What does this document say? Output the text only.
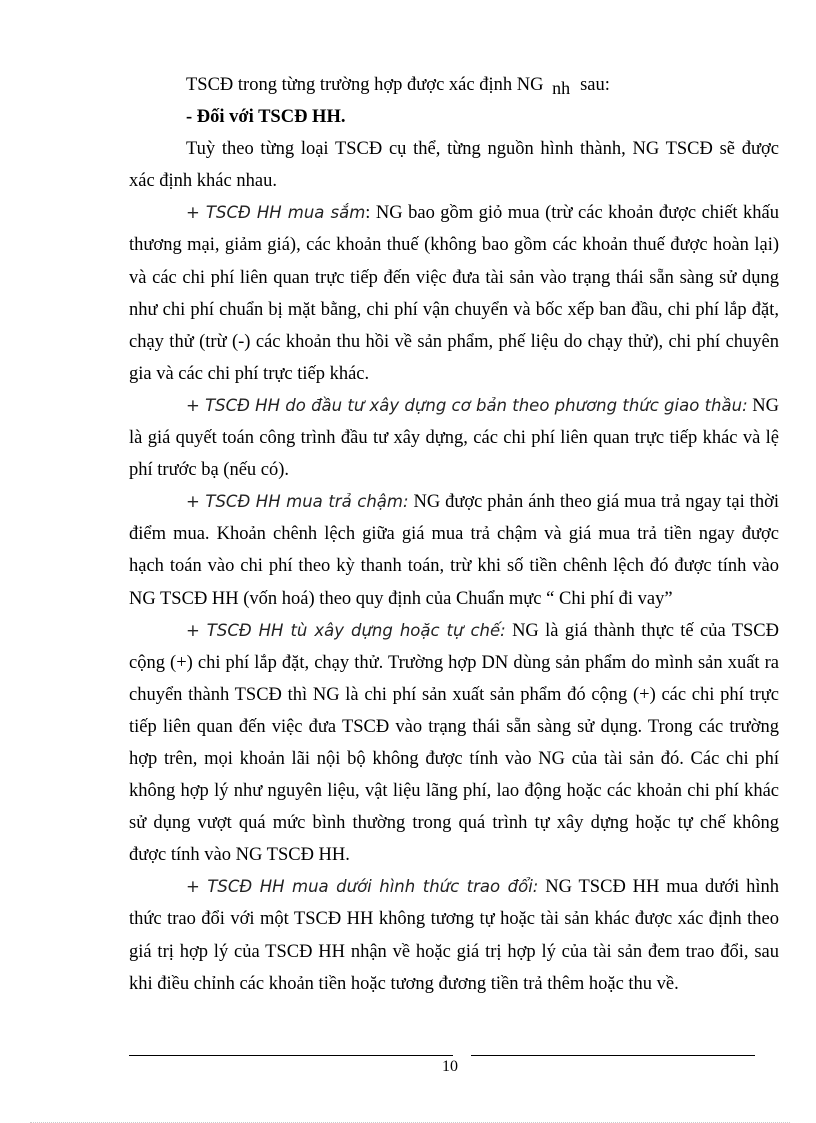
TSCĐ trong từng trường hợp được xác định NG nh sau:

- Đối với TSCĐ HH.

Tuỳ theo từng loại TSCĐ cụ thể, từng nguồn hình thành, NG TSCĐ sẽ được xác định khác nhau.

+ TSCĐ HH mua sắm: NG bao gồm giỏ mua (trừ các khoản được chiết khấu thương mại, giảm giá), các khoản thuế (không bao gồm các khoản thuế được hoàn lại) và các chi phí liên quan trực tiếp đến việc đưa tài sản vào trạng thái sẵn sàng sử dụng như chi phí chuẩn bị mặt bằng, chi phí vận chuyển và bốc xếp ban đầu, chi phí lắp đặt, chạy thử (trừ (-) các khoản thu hồi về sản phẩm, phế liệu do chạy thử), chi phí chuyên gia và các chi phí trực tiếp khác.

+ TSCĐ HH do đầu tư xây dựng cơ bản theo phương thức giao thầu: NG là giá quyết toán công trình đầu tư xây dựng, các chi phí liên quan trực tiếp khác và lệ phí trước bạ (nếu có).

+ TSCĐ HH mua trả chậm: NG được phản ánh theo giá mua trả ngay tại thời điểm mua. Khoản chênh lệch giữa giá mua trả chậm và giá mua trả tiền ngay được hạch toán vào chi phí theo kỳ thanh toán, trừ khi số tiền chênh lệch đó được tính vào NG TSCĐ HH (vốn hoá) theo quy định của Chuẩn mực “ Chi phí đi vay”

+ TSCĐ HH tù xây dựng hoặc tự chế: NG là giá thành thực tế của TSCĐ cộng (+) chi phí lắp đặt, chạy thử. Trường hợp DN dùng sản phẩm do mình sản xuất ra chuyển thành TSCĐ thì NG là chi phí sản xuất sản phẩm đó cộng (+) các chi phí trực tiếp liên quan đến việc đưa TSCĐ vào trạng thái sẵn sàng sử dụng. Trong các trường hợp trên, mọi khoản lãi nội bộ không được tính vào NG của tài sản đó. Các chi phí không hợp lý như nguyên liệu, vật liệu lãng phí, lao động hoặc các khoản chi phí khác sử dụng vượt quá mức bình thường trong quá trình tự xây dựng hoặc tự chế không được tính vào NG TSCĐ HH.

+ TSCĐ HH mua dưới hình thức trao đổi: NG TSCĐ HH mua dưới hình thức trao đổi với một TSCĐ HH không tương tự hoặc tài sản khác được xác định theo giá trị hợp lý của TSCĐ HH nhận về hoặc giá trị hợp lý của tài sản đem trao đổi, sau khi điều chỉnh các khoản tiền hoặc tương đương tiền trả thêm hoặc thu về.

10
